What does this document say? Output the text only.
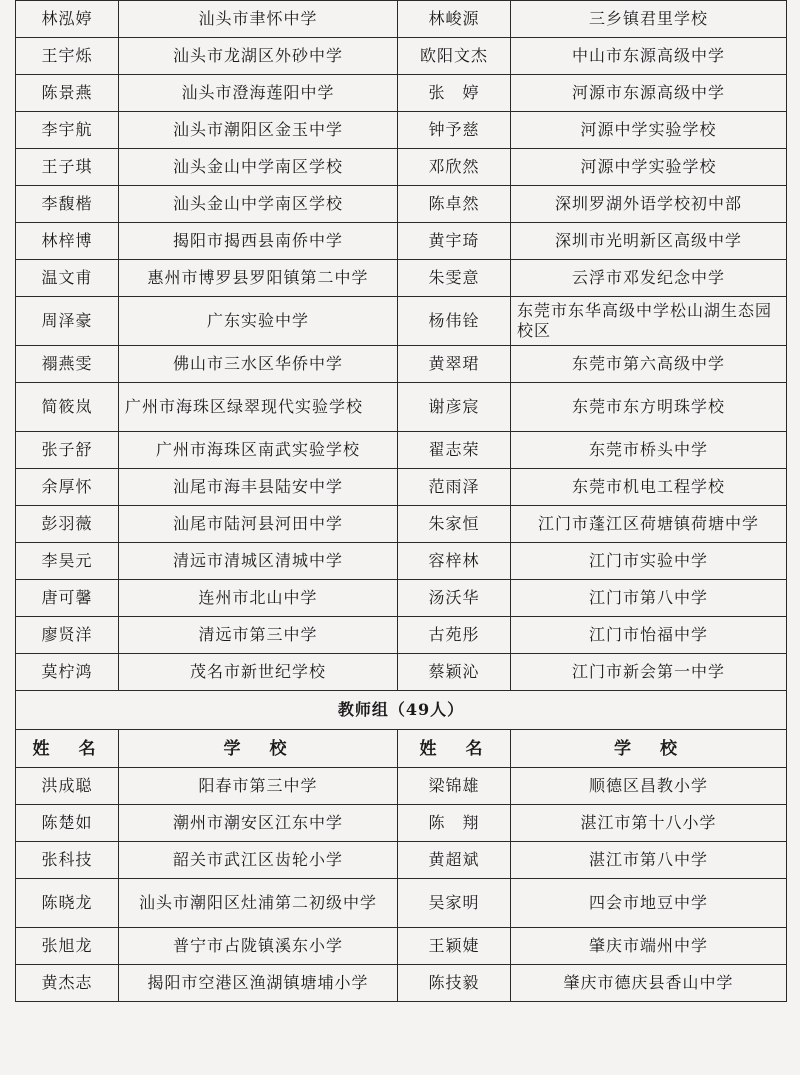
林泓婷	汕头市聿怀中学	林峻源	三乡镇君里学校
王宇烁	汕头市龙湖区外砂中学	欧阳文杰	中山市东源高级中学
陈景燕	汕头市澄海莲阳中学	张　婷	河源市东源高级中学
李宇航	汕头市潮阳区金玉中学	钟予慈	河源中学实验学校
王子琪	汕头金山中学南区学校	邓欣然	河源中学实验学校
李馥楷	汕头金山中学南区学校	陈卓然	深圳罗湖外语学校初中部
林梓博	揭阳市揭西县南侨中学	黄宇琦	深圳市光明新区高级中学
温文甫	惠州市博罗县罗阳镇第二中学	朱雯意	云浮市邓发纪念中学
周泽豪	广东实验中学	杨伟铨	东莞市东华高级中学松山湖生态园校区
禤燕雯	佛山市三水区华侨中学	黄翠珺	东莞市第六高级中学
简筱岚	广州市海珠区绿翠现代实验学校	谢彦宸	东莞市东方明珠学校
张子舒	广州市海珠区南武实验学校	翟志荣	东莞市桥头中学
余厚怀	汕尾市海丰县陆安中学	范雨泽	东莞市机电工程学校
彭羽薇	汕尾市陆河县河田中学	朱家恒	江门市蓬江区荷塘镇荷塘中学
李昊元	清远市清城区清城中学	容梓林	江门市实验中学
唐可馨	连州市北山中学	汤沃华	江门市第八中学
廖贤洋	清远市第三中学	古苑彤	江门市怡福中学
莫柠鸿	茂名市新世纪学校	蔡颖沁	江门市新会第一中学
教师组（49人）			
姓　名	学　校	姓　名	学　校
洪成聪	阳春市第三中学	梁锦雄	顺德区昌教小学
陈楚如	潮州市潮安区江东中学	陈　翔	湛江市第十八小学
张科技	韶关市武江区齿轮小学	黄超斌	湛江市第八中学
陈晓龙	汕头市潮阳区灶浦第二初级中学	吴家明	四会市地豆中学
张旭龙	普宁市占陇镇溪东小学	王颖婕	肇庆市端州中学
黄杰志	揭阳市空港区渔湖镇塘埔小学	陈技毅	肇庆市德庆县香山中学
